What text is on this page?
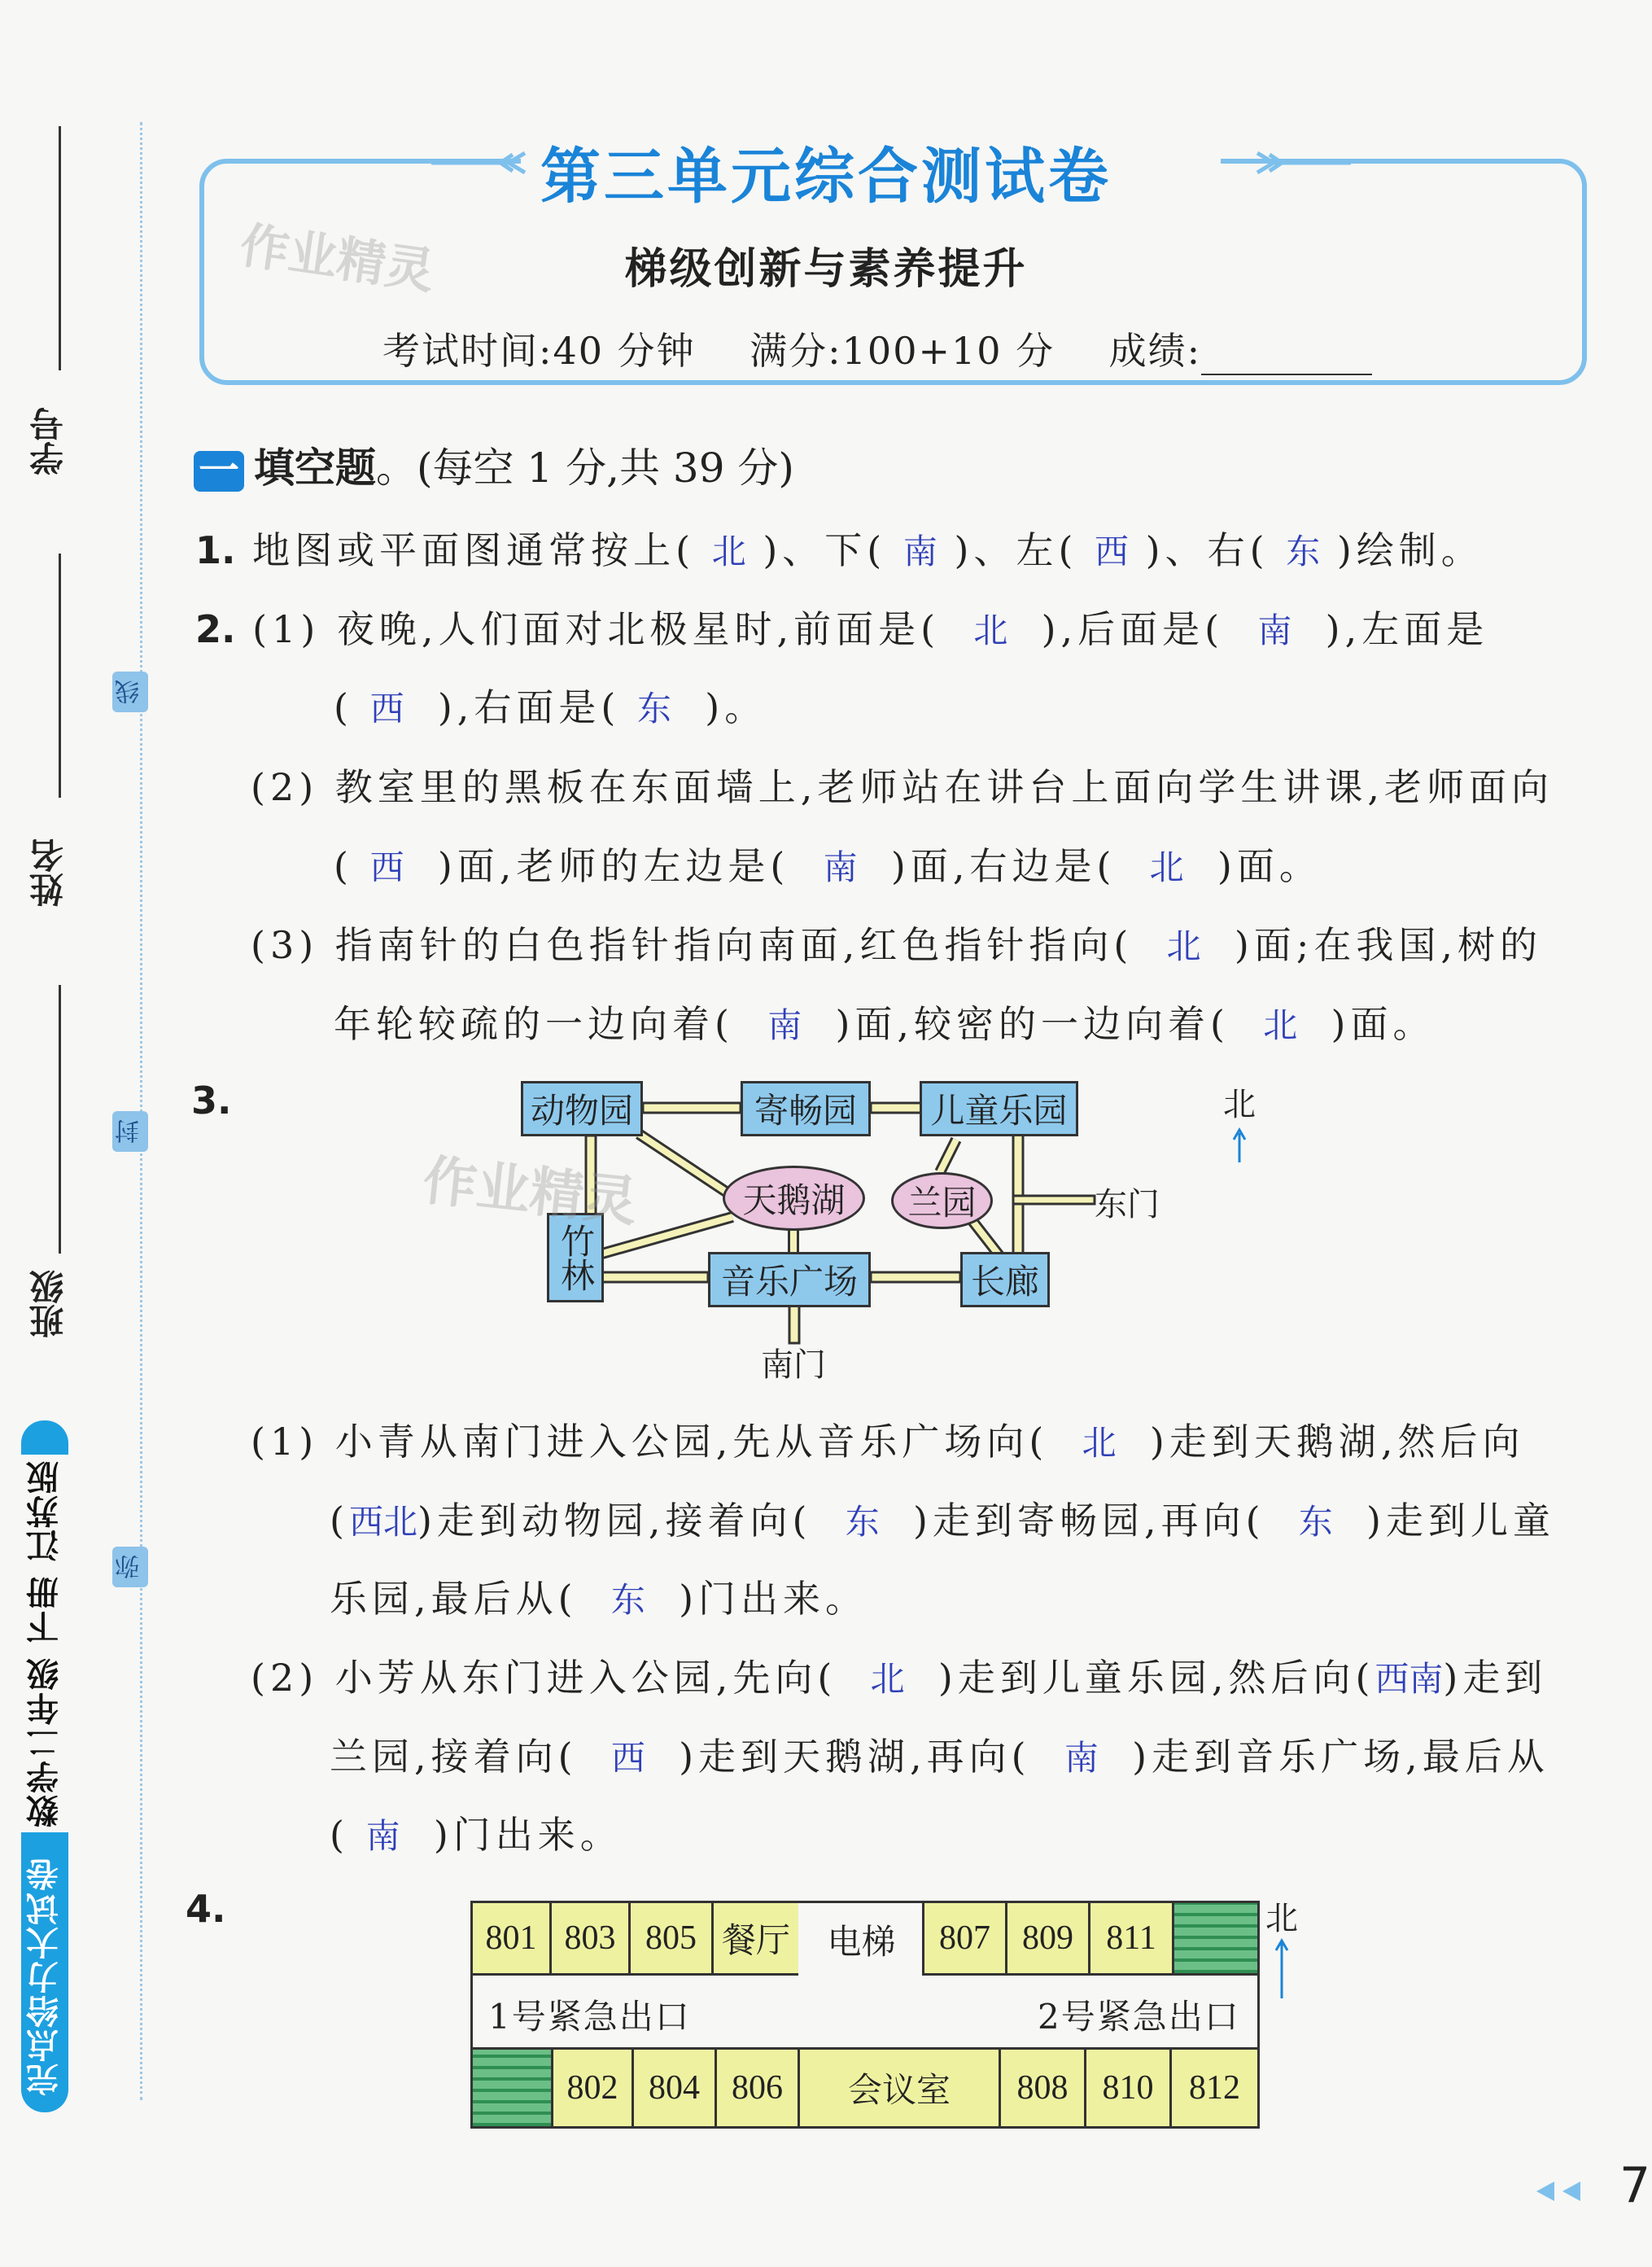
学号
姓名
班级
线
封
弥
完点给力大试卷
数学二年级 下册 江苏版
第三单元综合测试卷
梯级创新与素养提升
作业精灵
考试时间:40 分钟 满分:100+10 分 成绩:
一 填空题。(每空 1 分,共 39 分)
1. 地图或平面图通常按上( 北 )、下( 南 )、左( 西 )、右( 东 )绘制。
2. (1) 夜晚,人们面对北极星时,前面是( 北 ),后面是( 南 ),左面是
( 西 ),右面是( 东 )。
(2) 教室里的黑板在东面墙上,老师站在讲台上面向学生讲课,老师面向
( 西 )面,老师的左边是( 南 )面,右边是( 北 )面。
(3) 指南针的白色指针指向南面,红色指针指向( 北 )面;在我国,树的
年轮较疏的一边向着( 南 )面,较密的一边向着( 北 )面。
3.	动物园	寄畅园	儿童乐园
天鹅湖	兰园
竹林	音乐广场	长廊
东门
南门
北
作业精灵
(1) 小青从南门进入公园,先从音乐广场向( 北 )走到天鹅湖,然后向
(西北)走到动物园,接着向( 东 )走到寄畅园,再向( 东 )走到儿童
乐园,最后从( 东 )门出来。
(2) 小芳从东门进入公园,先向( 北 )走到儿童乐园,然后向(西南)走到
兰园,接着向( 西 )走到天鹅湖,再向( 南 )走到音乐广场,最后从
( 南 )门出来。
4.
801 803 805 餐厅	电梯	807 809 811
1号紧急出口	2号紧急出口
802 804 806	会议室	808	810	812
北
7
